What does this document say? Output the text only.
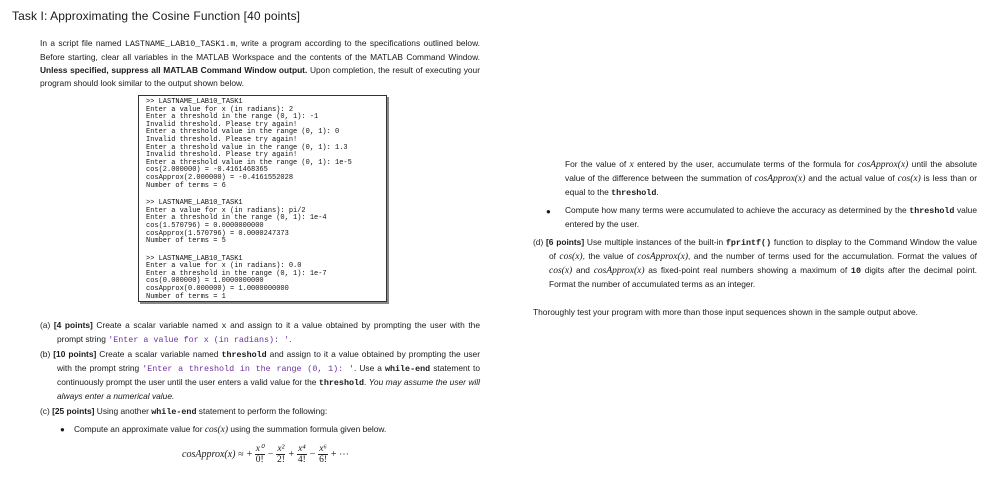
Task I: Approximating the Cosine Function [40 points]
In a script file named LASTNAME_LAB10_TASK1.m, write a program according to the specifications outlined below. Before starting, clear all variables in the MATLAB Workspace and the contents of the MATLAB Command Window. Unless specified, suppress all MATLAB Command Window output. Upon completion, the result of executing your program should look similar to the output shown below.
>> LASTNAME_LAB10_TASK1
Enter a value for x (in radians): 2
Enter a threshold in the range (0, 1): -1
Invalid threshold. Please try again!
Enter a threshold value in the range (0, 1): 0
Invalid threshold. Please try again!
Enter a threshold value in the range (0, 1): 1.3
Invalid threshold. Please try again!
Enter a threshold value in the range (0, 1): 1e-5
cos(2.000000) = -0.4161468365
cosApprox(2.000000) = -0.4161552028
Number of terms = 6
>> LASTNAME_LAB10_TASK1
Enter a value for x (in radians): pi/2
Enter a threshold in the range (0, 1): 1e-4
cos(1.570796) = 0.0000000000
cosApprox(1.570796) = 0.0000247373
Number of terms = 5
>> LASTNAME_LAB10_TASK1
Enter a value for x (in radians): 0.0
Enter a threshold in the range (0, 1): 1e-7
cos(0.000000) = 1.0000000000
cosApprox(0.000000) = 1.0000000000
Number of terms = 1
(a) [4 points] Create a scalar variable named x and assign to it a value obtained by prompting the user with the prompt string 'Enter a value for x (in radians): '.
(b) [10 points] Create a scalar variable named threshold and assign to it a value obtained by prompting the user with the prompt string 'Enter a threshold in the range (0, 1): '. Use a while-end statement to continuously prompt the user until the user enters a valid value for the threshold. You may assume the user will always enter a numerical value.
(c) [25 points] Using another while-end statement to perform the following:
● Compute an approximate value for cos(x) using the summation formula given below.
cosApprox(x) ≈ + $\frac{\text{x⁰}}{0!} - \frac{\text{x²}}{2!} + \frac{\text{x⁴}}{4!} - \frac{\text{x⁶}}{6!}$ + ⋯
For the value of x entered by the user, accumulate terms of the formula for cosApprox(x) until the absolute value of the difference between the summation of cosApprox(x) and the actual value of cos(x) is less than or equal to the threshold.
● Compute how many terms were accumulated to achieve the accuracy as determined by the threshold value entered by the user.
(d) [6 points] Use multiple instances of the built-in fprintf() function to display to the Command Window the value of cos(x), the value of cosApprox(x), and the number of terms used for the accumulation. Format the values of cos(x) and cosApprox(x) as fixed-point real numbers showing a maximum of 10 digits after the decimal point. Format the number of accumulated terms as an integer.
Thoroughly test your program with more than those input sequences shown in the sample output above.
